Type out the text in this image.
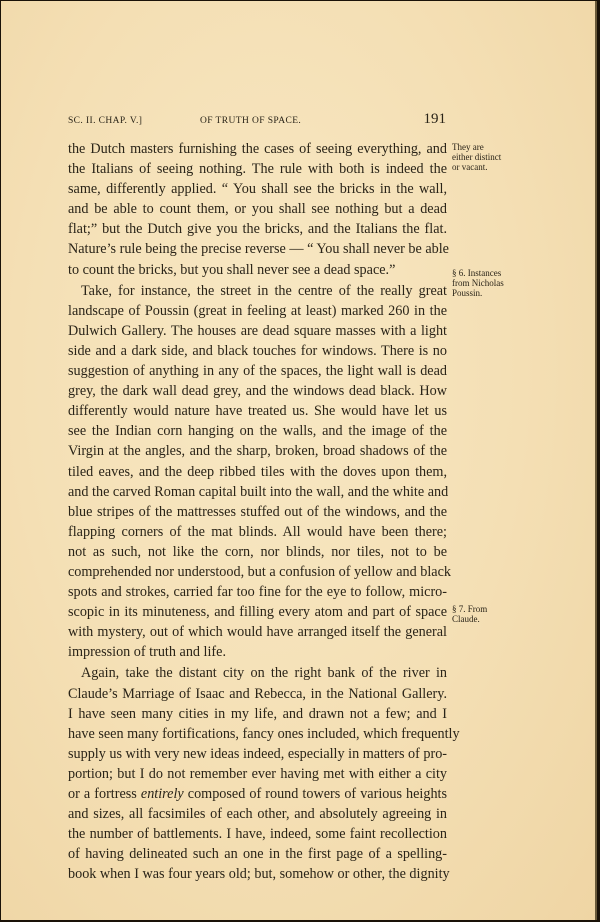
SC. II. CHAP. V.]	OF TRUTH OF SPACE.	191
They are
either distinct
or vacant.
§ 6. Instances
from Nicholas
Poussin.
§ 7. From
Claude.
the Dutch masters furnishing the cases of seeing everything, and
the Italians of seeing nothing. The rule with both is indeed the
same, differently applied. “ You shall see the bricks in the wall,
and be able to count them, or you shall see nothing but a dead
flat;” but the Dutch give you the bricks, and the Italians the flat.
Nature’s rule being the precise reverse — “ You shall never be able
to count the bricks, but you shall never see a dead space.”
Take, for instance, the street in the centre of the really great
landscape of Poussin (great in feeling at least) marked 260 in the
Dulwich Gallery. The houses are dead square masses with a light
side and a dark side, and black touches for windows. There is no
suggestion of anything in any of the spaces, the light wall is dead
grey, the dark wall dead grey, and the windows dead black. How
differently would nature have treated us. She would have let us
see the Indian corn hanging on the walls, and the image of the
Virgin at the angles, and the sharp, broken, broad shadows of the
tiled eaves, and the deep ribbed tiles with the doves upon them,
and the carved Roman capital built into the wall, and the white and
blue stripes of the mattresses stuffed out of the windows, and the
flapping corners of the mat blinds. All would have been there;
not as such, not like the corn, nor blinds, nor tiles, not to be
comprehended nor understood, but a confusion of yellow and black
spots and strokes, carried far too fine for the eye to follow, micro-
scopic in its minuteness, and filling every atom and part of space
with mystery, out of which would have arranged itself the general
impression of truth and life.
Again, take the distant city on the right bank of the river in
Claude’s Marriage of Isaac and Rebecca, in the National Gallery.
I have seen many cities in my life, and drawn not a few; and I
have seen many fortifications, fancy ones included, which frequently
supply us with very new ideas indeed, especially in matters of pro-
portion; but I do not remember ever having met with either a city
or a fortress entirely composed of round towers of various heights
and sizes, all facsimiles of each other, and absolutely agreeing in
the number of battlements. I have, indeed, some faint recollection
of having delineated such an one in the first page of a spelling-
book when I was four years old; but, somehow or other, the dignity
